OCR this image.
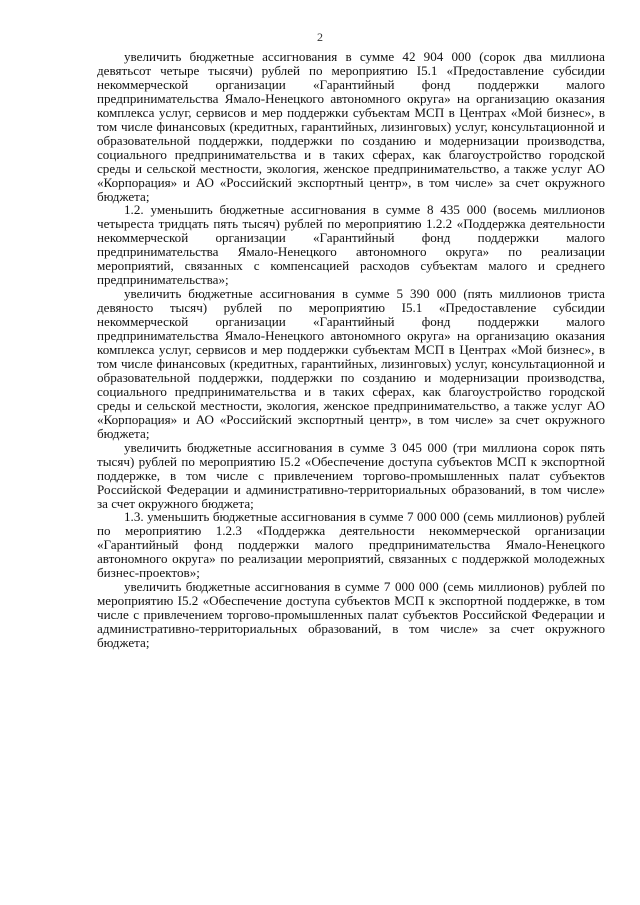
2

увеличить бюджетные ассигнования в сумме 42 904 000 (сорок два миллиона девятьсот четыре тысячи) рублей по мероприятию I5.1 «Предоставление субсидии некоммерческой организации «Гарантийный фонд поддержки малого предпринимательства Ямало-Ненецкого автономного округа» на организацию оказания комплекса услуг, сервисов и мер поддержки субъектам МСП в Центрах «Мой бизнес», в том числе финансовых (кредитных, гарантийных, лизинговых) услуг, консультационной и образовательной поддержки, поддержки по созданию и модернизации производства, социального предпринимательства и в таких сферах, как благоустройство городской среды и сельской местности, экология, женское предпринимательство, а также услуг АО «Корпорация» и АО «Российский экспортный центр», в том числе» за счет окружного бюджета;

1.2. уменьшить бюджетные ассигнования в сумме 8 435 000 (восемь миллионов четыреста тридцать пять тысяч) рублей по мероприятию 1.2.2 «Поддержка деятельности некоммерческой организации «Гарантийный фонд поддержки малого предпринимательства Ямало-Ненецкого автономного округа» по реализации мероприятий, связанных с компенсацией расходов субъектам малого и среднего предпринимательства»;

увеличить бюджетные ассигнования в сумме 5 390 000 (пять миллионов триста девяносто тысяч) рублей по мероприятию I5.1 «Предоставление субсидии некоммерческой организации «Гарантийный фонд поддержки малого предпринимательства Ямало-Ненецкого автономного округа» на организацию оказания комплекса услуг, сервисов и мер поддержки субъектам МСП в Центрах «Мой бизнес», в том числе финансовых (кредитных, гарантийных, лизинговых) услуг, консультационной и образовательной поддержки, поддержки по созданию и модернизации производства, социального предпринимательства и в таких сферах, как благоустройство городской среды и сельской местности, экология, женское предпринимательство, а также услуг АО «Корпорация» и АО «Российский экспортный центр», в том числе» за счет окружного бюджета;

увеличить бюджетные ассигнования в сумме 3 045 000 (три миллиона сорок пять тысяч) рублей по мероприятию I5.2 «Обеспечение доступа субъектов МСП к экспортной поддержке, в том числе с привлечением торгово-промышленных палат субъектов Российской Федерации и административно-территориальных образований, в том числе» за счет окружного бюджета;

1.3. уменьшить бюджетные ассигнования в сумме 7 000 000 (семь миллионов) рублей по мероприятию 1.2.3 «Поддержка деятельности некоммерческой организации «Гарантийный фонд поддержки малого предпринимательства Ямало-Ненецкого автономного округа» по реализации мероприятий, связанных с поддержкой молодежных бизнес-проектов»;

увеличить бюджетные ассигнования в сумме 7 000 000 (семь миллионов) рублей по мероприятию I5.2 «Обеспечение доступа субъектов МСП к экспортной поддержке, в том числе с привлечением торгово-промышленных палат субъектов Российской Федерации и административно-территориальных образований, в том числе» за счет окружного бюджета;
